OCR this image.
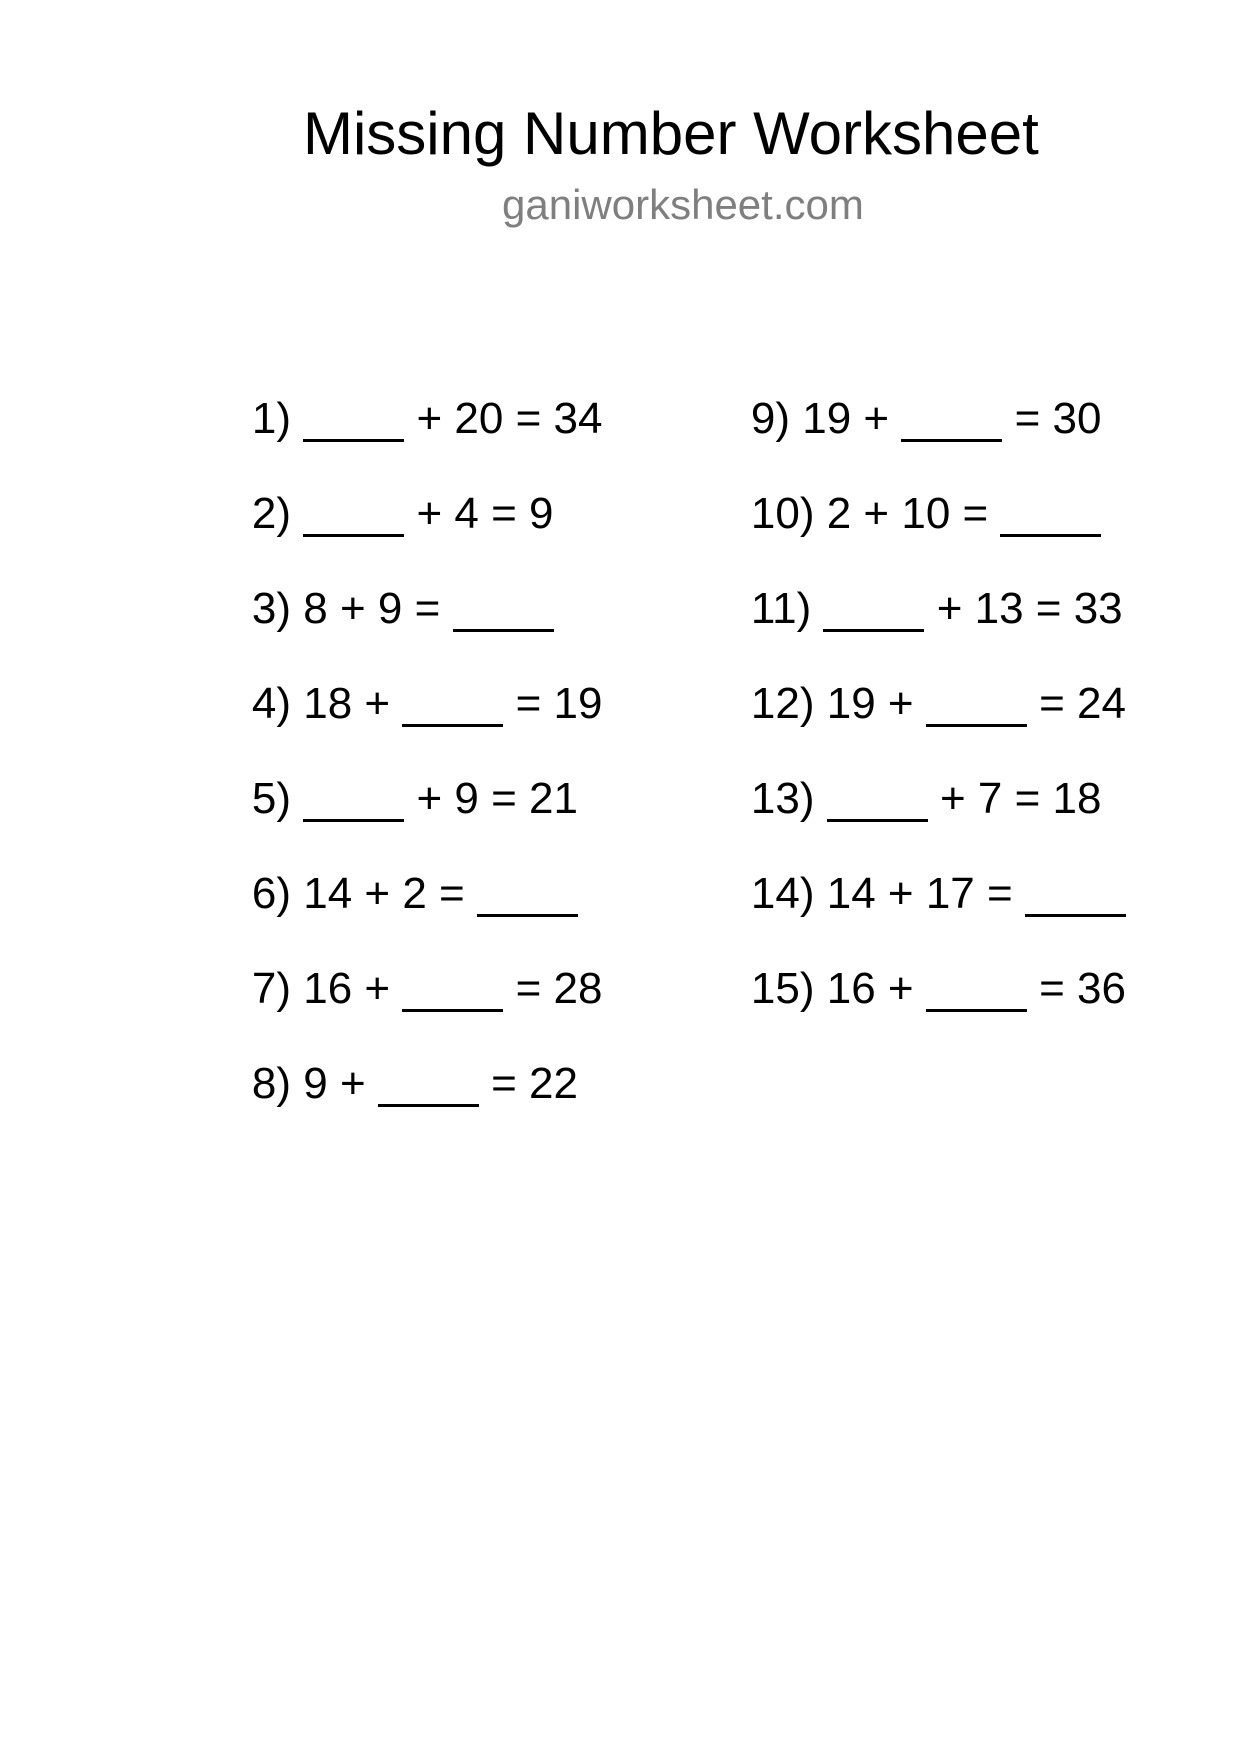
Missing Number Worksheet
ganiworksheet.com

1)	+ 20 = 34

2)	+ 4 = 9

3) 8 + 9 =

4) 18 +	= 19

5)	+ 9 = 21

6) 14 + 2 =

7) 16 +	= 28

8) 9 +	= 22

9) 19 +	= 30

10) 2 + 10 =

11)	+ 13 = 33

12) 19 +	= 24

13)	+ 7 = 18

14) 14 + 17 =

15) 16 +	= 36
